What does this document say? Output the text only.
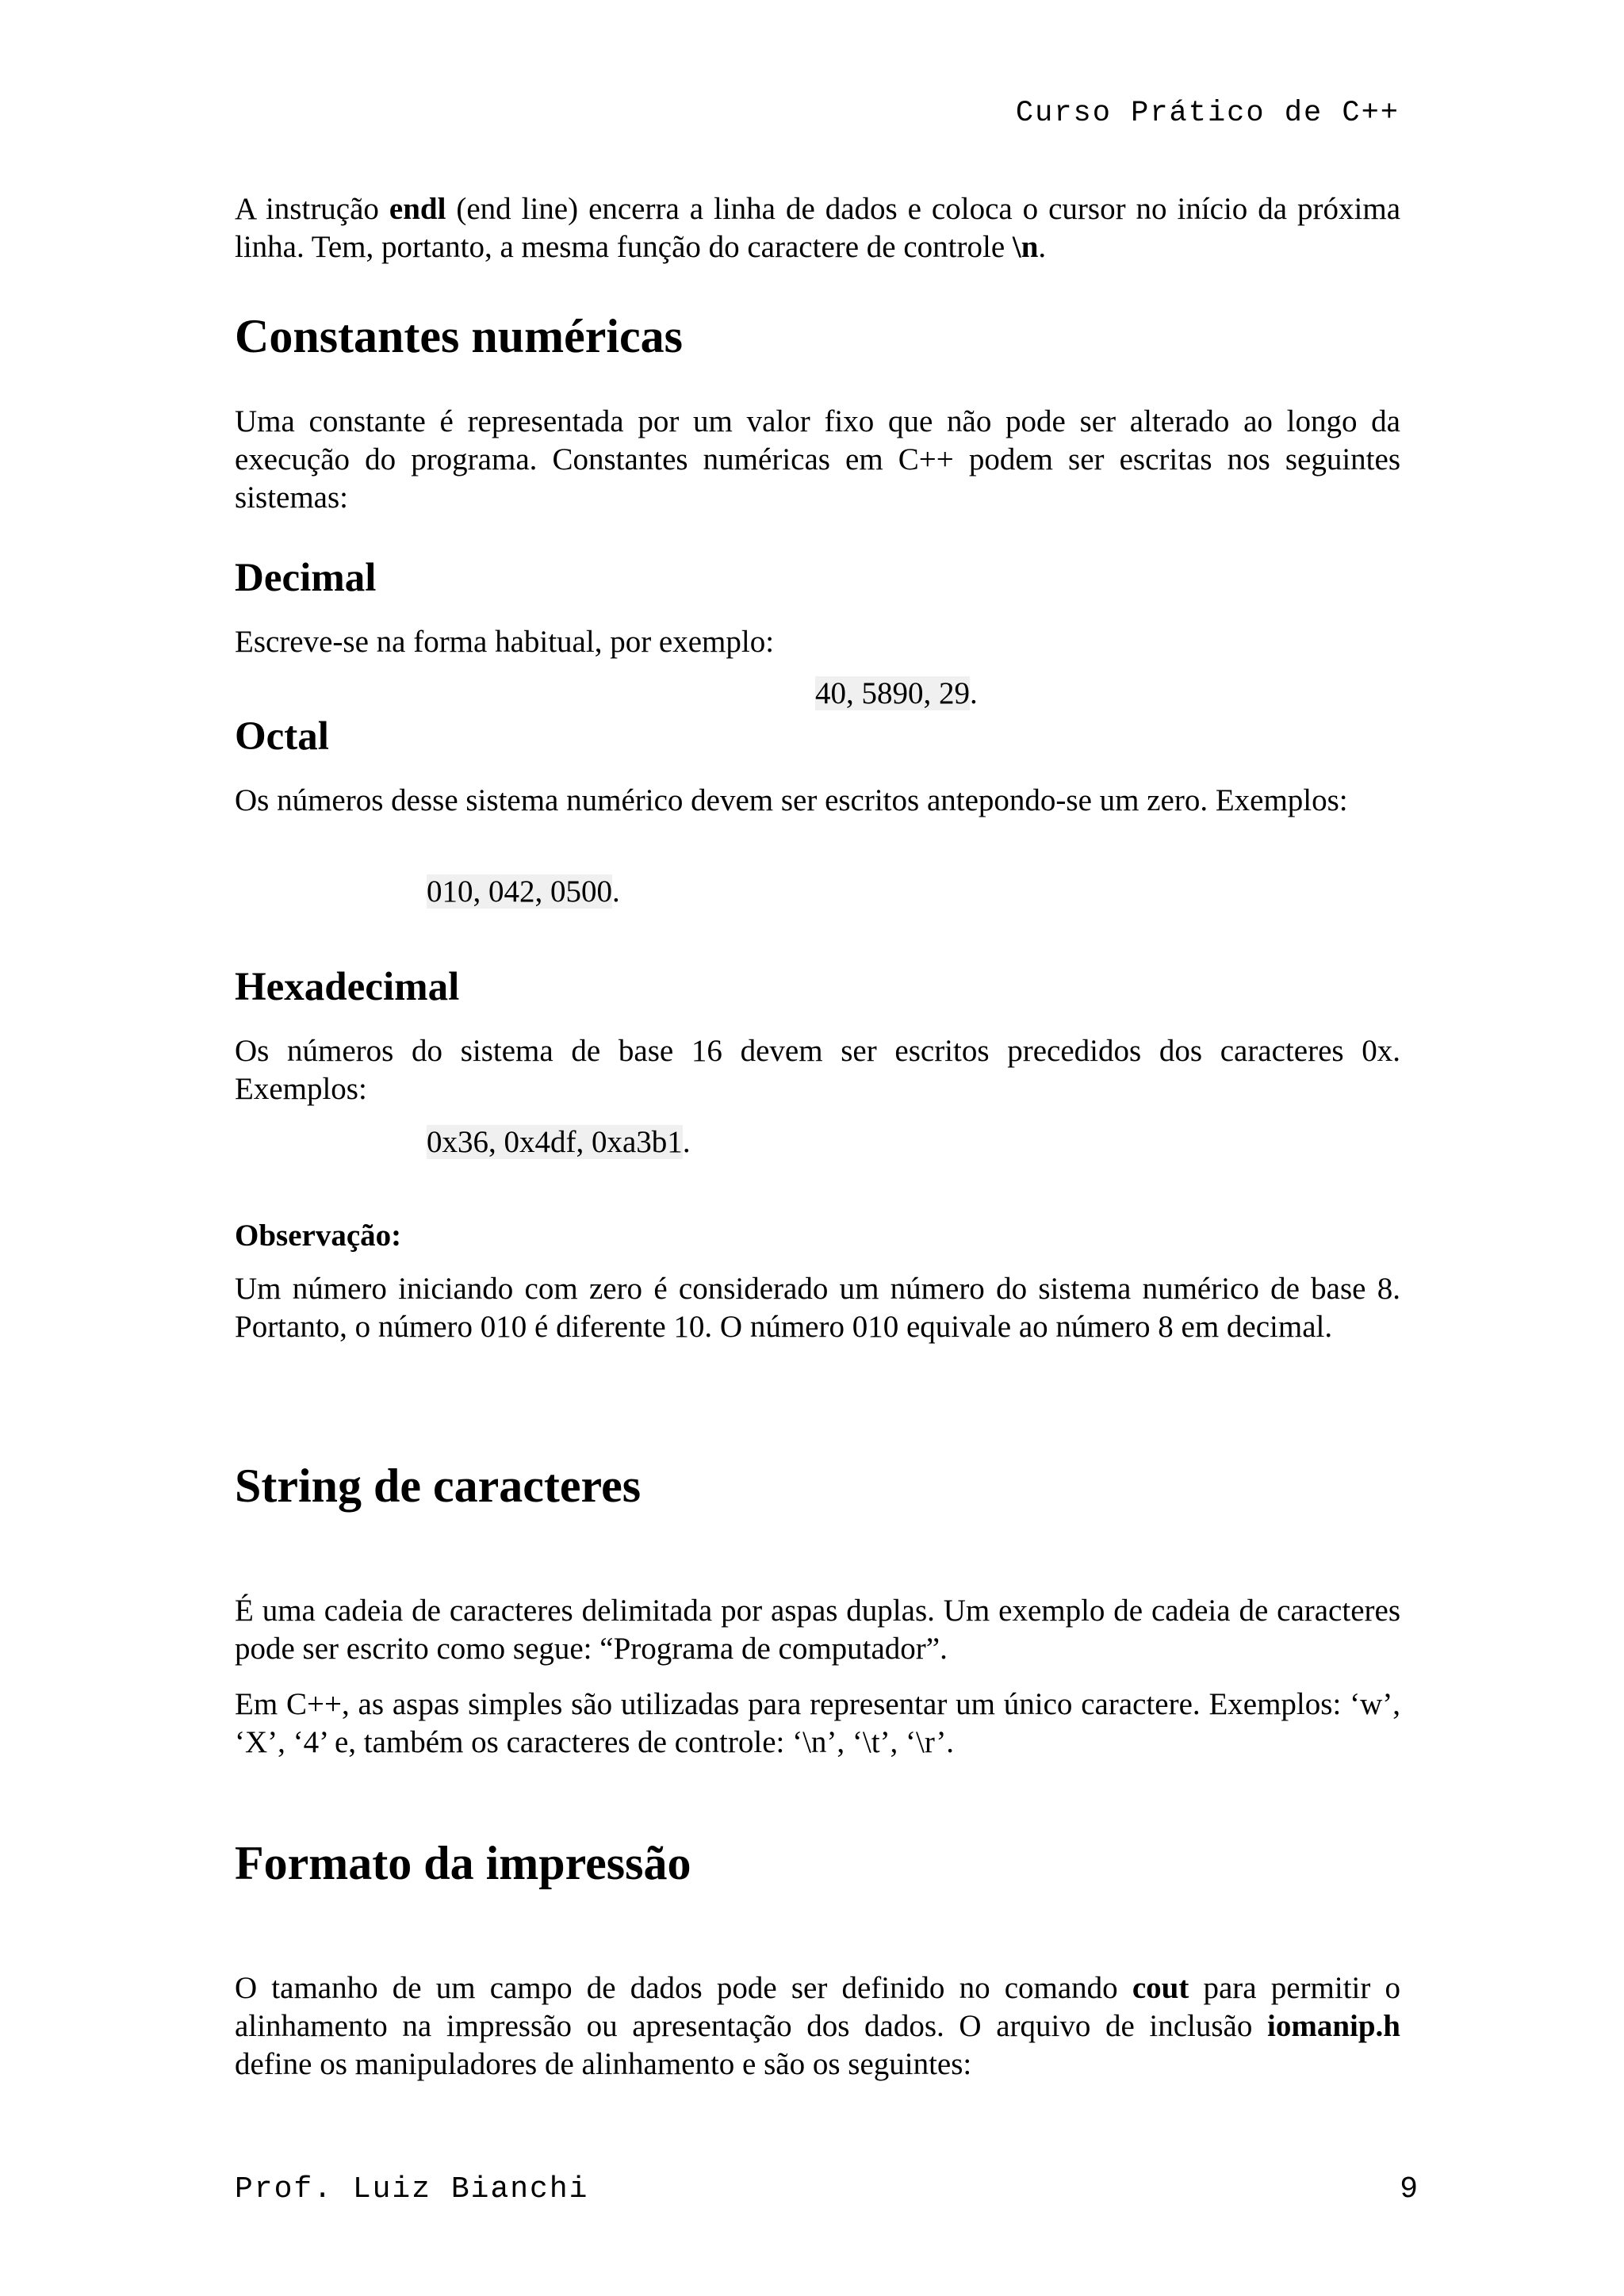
Curso Prático de C++
A instrução endl (end line) encerra a linha de dados e coloca o cursor no início da próxima linha. Tem, portanto, a mesma função do caractere de controle \n.
Constantes numéricas
Uma constante é representada por um valor fixo que não pode ser alterado ao longo da execução do programa. Constantes numéricas em C++ podem ser escritas nos seguintes sistemas:
Decimal
Escreve-se na forma habitual, por exemplo:
40, 5890, 29.
Octal
Os números desse sistema numérico devem ser escritos antepondo-se um zero. Exemplos:
010, 042, 0500.
Hexadecimal
Os números do sistema de base 16 devem ser escritos precedidos dos caracteres 0x. Exemplos:
0x36, 0x4df, 0xa3b1.
Observação:
Um número iniciando com zero é considerado um número do sistema numérico de base 8. Portanto, o número 010 é diferente 10. O número 010 equivale ao número 8 em decimal.
String de caracteres
É uma cadeia de caracteres delimitada por aspas duplas. Um exemplo de cadeia de caracteres pode ser escrito como segue: “Programa de computador”.
Em C++, as aspas simples são utilizadas para representar um único caractere. Exemplos: ‘w’, ‘X’, ‘4’ e, também os caracteres de controle: ‘\n’, ‘\t’, ‘\r’.
Formato da impressão
O tamanho de um campo de dados pode ser definido no comando cout para permitir o alinhamento na impressão ou apresentação dos dados. O arquivo de inclusão iomanip.h define os manipuladores de alinhamento e são os seguintes:
Prof. Luiz Bianchi	9
